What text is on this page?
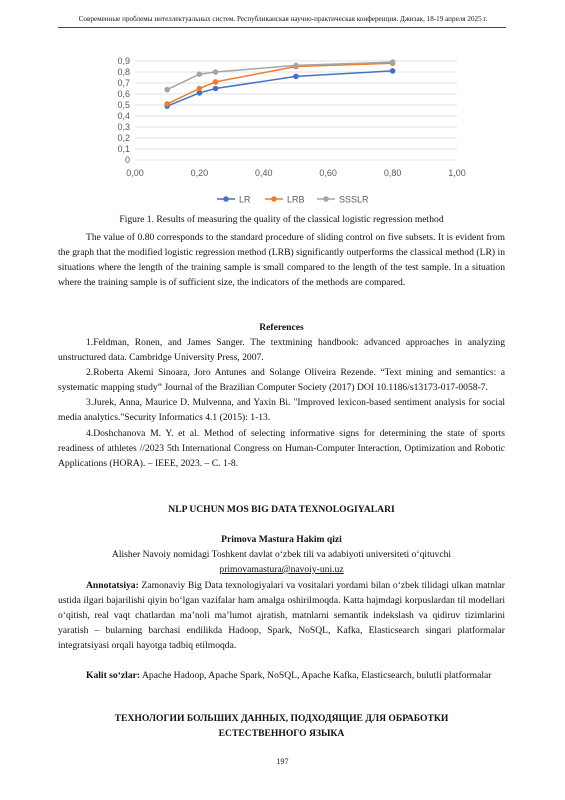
Современные проблемы интеллектуальных систем. Республиканская научно-практическая конференция. Джизак, 18-19 апреля 2025 г.
0
0,1
0,2
0,3
0,4
0,5
0,6
0,7
0,8
0,9
0,00	0,20	0,40	0,60	0,80	1,00
LR	LRB	SSSLR
Figure 1. Results of measuring the quality of the classical logistic regression method
The value of 0.80 corresponds to the standard procedure of sliding control on five subsets. It is evident from the graph that the modified logistic regression method (LRB) significantly outperforms the classical method (LR) in situations where the length of the training sample is small compared to the length of the test sample. In a situation where the training sample is of sufficient size, the indicators of the methods are compared.
References

1.Feldman, Ronen, and James Sanger. The textmining handbook: advanced approaches in analyzing unstructured data. Cambridge University Press, 2007.

2.Roberta Akemi Sinoara, Joro Antunes and Solange Oliveira Rezende. “Text mining and semantics: a systematic mapping study” Journal of the Brazilian Computer Society (2017) DOI 10.1186/s13173-017-0058-7.

3.Jurek, Anna, Maurice D. Mulvenna, and Yaxin Bi. "Improved lexicon-based sentiment analysis for social media analytics."Security Informatics 4.1 (2015): 1-13.

4.Doshchanova M. Y. et al. Method of selecting informative signs for determining the state of sports readiness of athletes //2023 5th International Congress on Human-Computer Interaction, Optimization and Robotic Applications (HORA). – IEEE, 2023. – С. 1-8.

NLP UCHUN MOS BIG DATA TEXNOLOGIYALARI
Primova Mastura Hakim qizi
Alisher Navoiy nomidagi Toshkent davlat oʻzbek tili va adabiyoti universiteti oʻqituvchi
primovamastura@navoiy-uni.uz
Annotatsiya: Zamonaviy Big Data texnologiyalari va vositalari yordami bilan oʻzbek tilidagi ulkan matnlar ustida ilgari bajarilishi qiyin boʻlgan vazifalar ham amalga oshirilmoqda. Katta hajmdagi korpuslardan til modellari oʻqitish, real vaqt chatlardan maʼnoli maʼlumot ajratish, matnlarni semantik indekslash va qidiruv tizimlarini yaratish – bularning barchasi endilikda Hadoop, Spark, NoSQL, Kafka, Elasticsearch singari platformalar integratsiyasi orqali hayotga tadbiq etilmoqda.
Kalit soʻzlar: Apache Hadoop, Apache Spark, NoSQL, Apache Kafka, Elasticsearch, bulutli platformalar
ТЕХНОЛОГИИ БОЛЬШИХ ДАННЫХ, ПОДХОДЯЩИЕ ДЛЯ ОБРАБОТКИ
ЕСТЕСТВЕННОГО ЯЗЫКА
197
